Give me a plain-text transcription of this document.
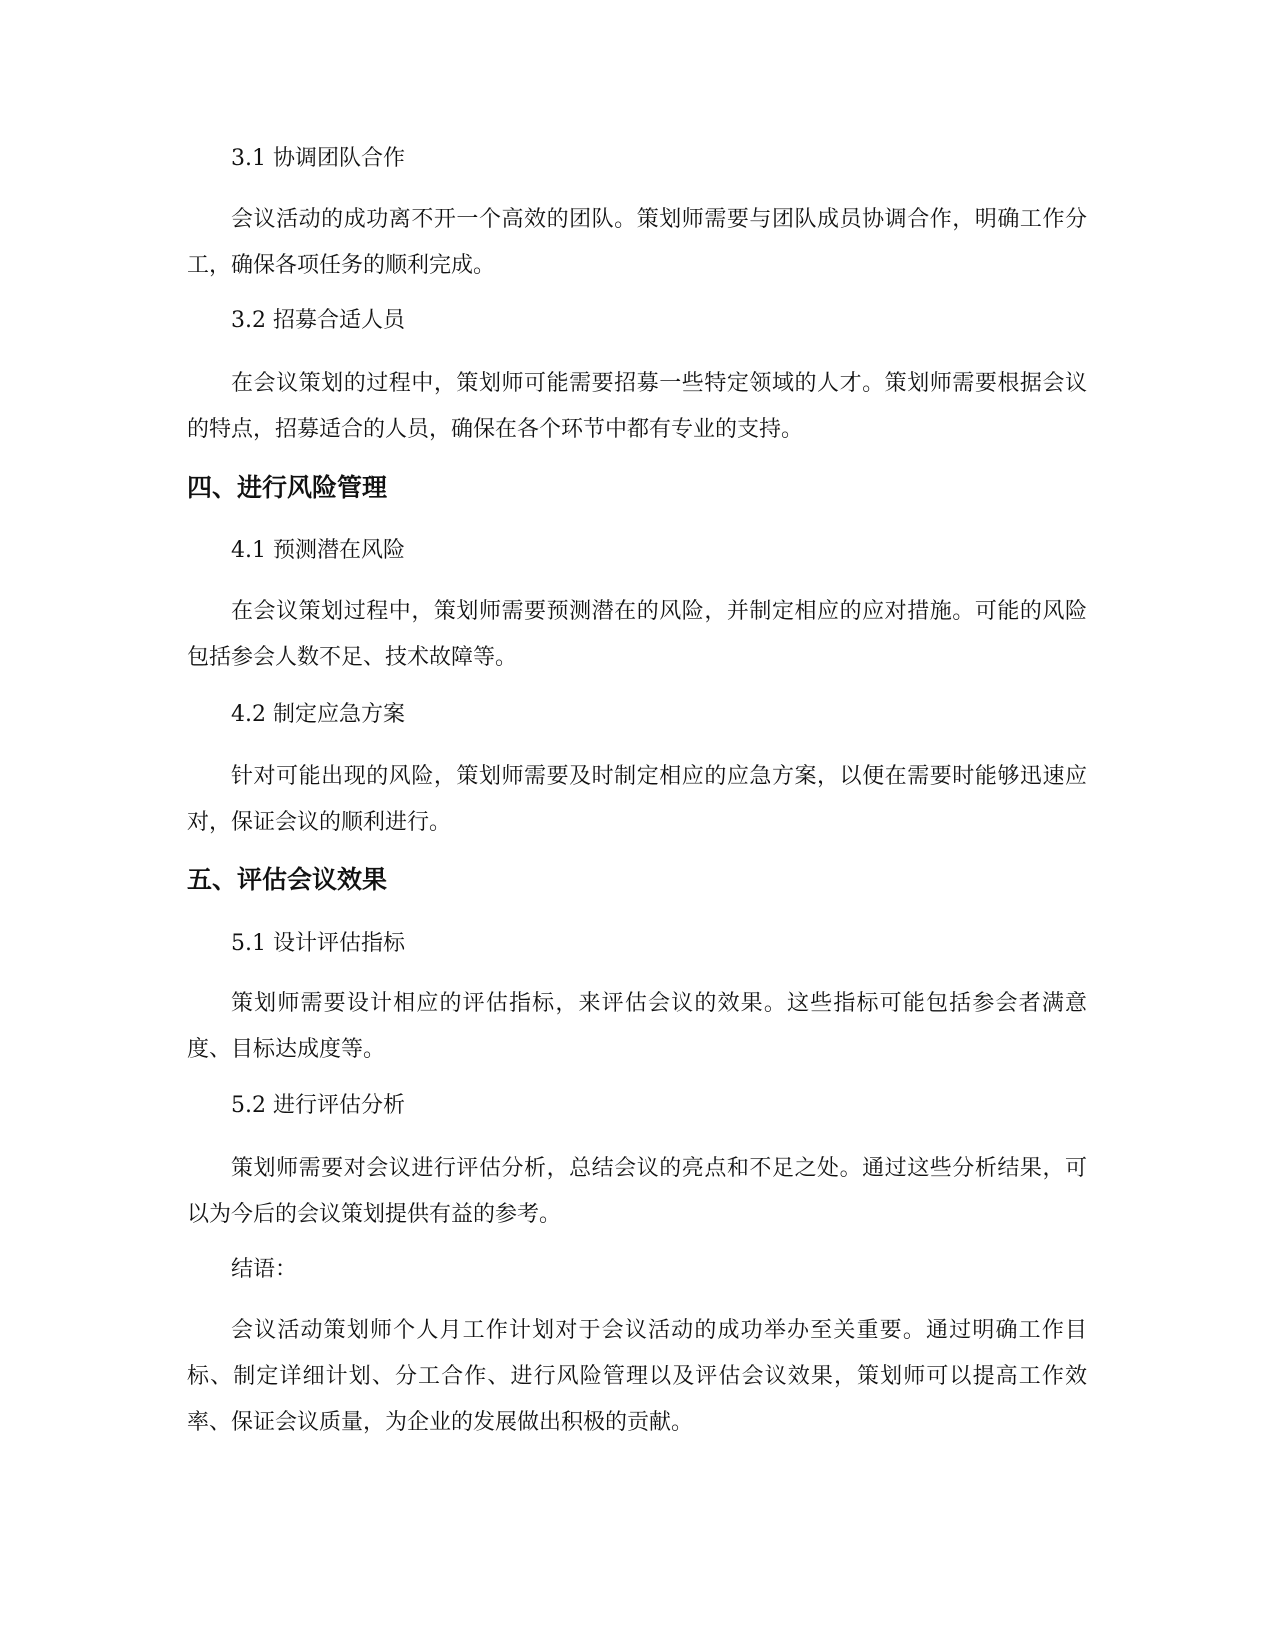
3.1 协调团队合作
会议活动的成功离不开一个高效的团队。策划师需要与团队成员协调合作，明确工作分工，确保各项任务的顺利完成。
3.2 招募合适人员
在会议策划的过程中，策划师可能需要招募一些特定领域的人才。策划师需要根据会议的特点，招募适合的人员，确保在各个环节中都有专业的支持。
四、进行风险管理
4.1 预测潜在风险
在会议策划过程中，策划师需要预测潜在的风险，并制定相应的应对措施。可能的风险包括参会人数不足、技术故障等。
4.2 制定应急方案
针对可能出现的风险，策划师需要及时制定相应的应急方案，以便在需要时能够迅速应对，保证会议的顺利进行。
五、评估会议效果
5.1 设计评估指标
策划师需要设计相应的评估指标，来评估会议的效果。这些指标可能包括参会者满意度、目标达成度等。
5.2 进行评估分析
策划师需要对会议进行评估分析，总结会议的亮点和不足之处。通过这些分析结果，可以为今后的会议策划提供有益的参考。
结语：
会议活动策划师个人月工作计划对于会议活动的成功举办至关重要。通过明确工作目标、制定详细计划、分工合作、进行风险管理以及评估会议效果，策划师可以提高工作效率、保证会议质量，为企业的发展做出积极的贡献。
